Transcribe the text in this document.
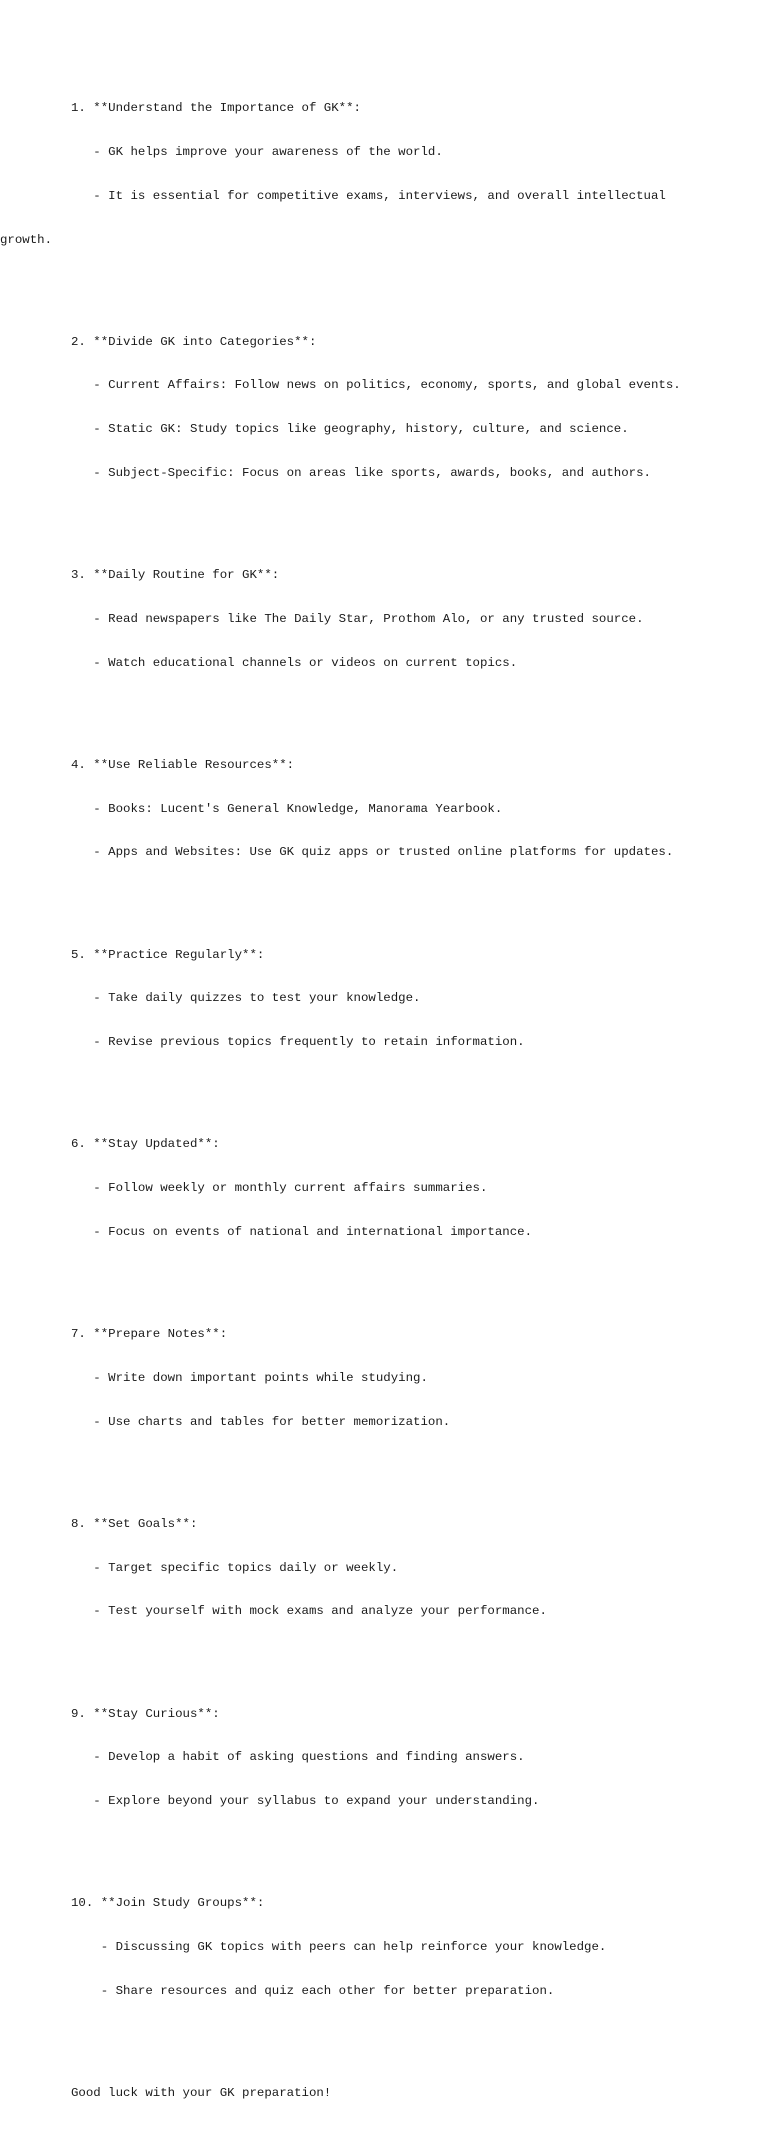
1. **Understand the Importance of GK**:

- GK helps improve your awareness of the world.

- It is essential for competitive exams, interviews, and overall intellectual

growth.

2. **Divide GK into Categories**:

- Current Affairs: Follow news on politics, economy, sports, and global events.

- Static GK: Study topics like geography, history, culture, and science.

- Subject-Specific: Focus on areas like sports, awards, books, and authors.

3. **Daily Routine for GK**:

- Read newspapers like The Daily Star, Prothom Alo, or any trusted source.

- Watch educational channels or videos on current topics.

4. **Use Reliable Resources**:

- Books: Lucent's General Knowledge, Manorama Yearbook.

- Apps and Websites: Use GK quiz apps or trusted online platforms for updates.

5. **Practice Regularly**:

- Take daily quizzes to test your knowledge.

- Revise previous topics frequently to retain information.

6. **Stay Updated**:

- Follow weekly or monthly current affairs summaries.

- Focus on events of national and international importance.

7. **Prepare Notes**:

- Write down important points while studying.

- Use charts and tables for better memorization.

8. **Set Goals**:

- Target specific topics daily or weekly.

- Test yourself with mock exams and analyze your performance.

9. **Stay Curious**:

- Develop a habit of asking questions and finding answers.

- Explore beyond your syllabus to expand your understanding.

10. **Join Study Groups**:

- Discussing GK topics with peers can help reinforce your knowledge.

- Share resources and quiz each other for better preparation.

Good luck with your GK preparation!
